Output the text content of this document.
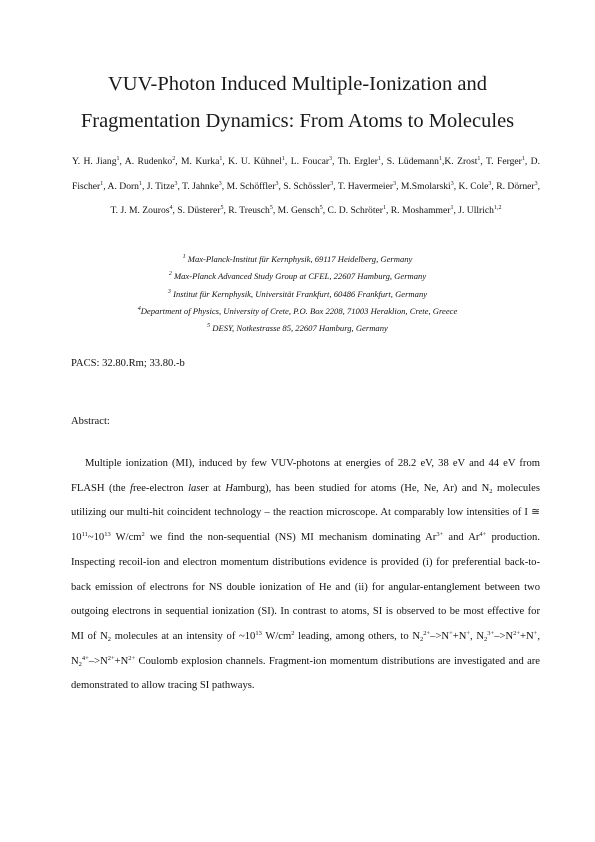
VUV-Photon Induced Multiple-Ionization and Fragmentation Dynamics: From Atoms to Molecules
Y. H. Jiang$^1$, A. Rudenko$^2$, M. Kurka$^1$, K. U. Kühnel$^1$, L. Foucar$^3$, Th. Ergler$^1$, S. Lüdemann$^1$,K. Zrost$^1$, T. Ferger$^1$, D. Fischer$^1$, A. Dorn$^1$, J. Titze$^3$, T. Jahnke$^3$, M. Schöffler$^3$, S. Schössler$^3$, T. Havermeier$^3$, M.Smolarski$^3$, K. Cole$^3$, R. Dörner$^3$, T. J. M. Zouros$^4$, S. Düsterer$^5$, R. Treusch$^5$, M. Gensch$^5$, C. D. Schröter$^1$, R. Moshammer$^1$, J. Ullrich$^{1,2}$
$^1$ Max-Planck-Institut für Kernphysik, 69117 Heidelberg, Germany
$^2$ Max-Planck Advanced Study Group at CFEL, 22607 Hamburg, Germany
$^3$ Institut für Kernphysik, Universität Frankfurt, 60486 Frankfurt, Germany
$^4$Department of Physics, University of Crete, P.O. Box 2208, 71003 Heraklion, Crete, Greece
$^5$ DESY, Notkestrasse 85, 22607 Hamburg, Germany
PACS: 32.80.Rm; 33.80.-b
Abstract:
Multiple ionization (MI), induced by few VUV-photons at energies of 28.2 eV, 38 eV and 44 eV from FLASH (the free-electron laser at Hamburg), has been studied for atoms (He, Ne, Ar) and $N_2$ molecules utilizing our multi-hit coincident technology – the reaction microscope. At comparably low intensities of I ≅ $10^{11}\sim 10^{13}$ $W/cm^2$ we find the non-sequential (NS) MI mechanism dominating $Ar^{3+}$ and $Ar^{4+}$ production. Inspecting recoil-ion and electron momentum distributions evidence is provided (i) for preferential back-to-back emission of electrons for NS double ionization of He and (ii) for angular-entanglement between two outgoing electrons in sequential ionization (SI). In contrast to atoms, SI is observed to be most effective for MI of $N_2$ molecules at an intensity of $\sim 10^{13}$ $W/cm^2$ leading, among others, to $N_2^{2+}->N^++N^+$, $N_2^{3+}->N^{2+}+N^+$, $N_2^{4+}->N^{2+}+N^{2+}$ Coulomb explosion channels. Fragment-ion momentum distributions are investigated and are demonstrated to allow tracing SI pathways.
